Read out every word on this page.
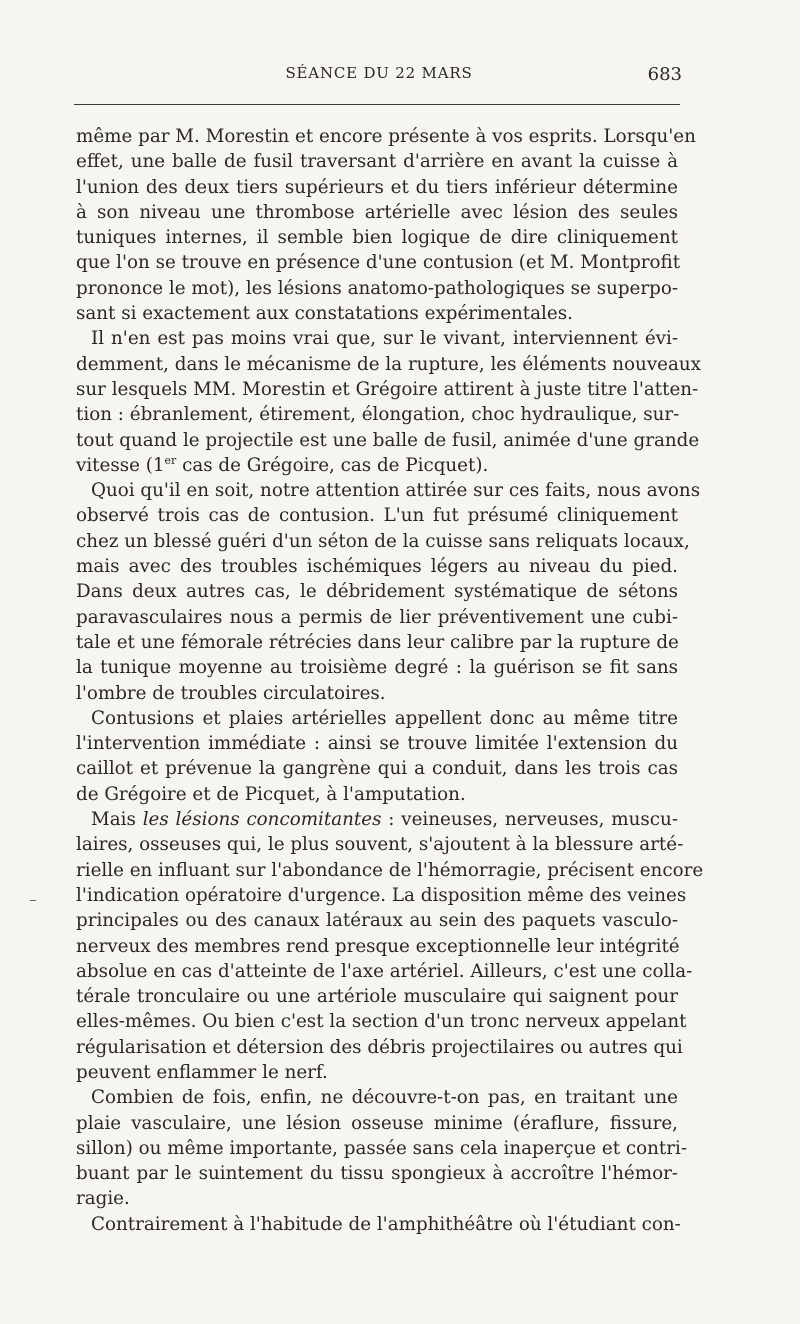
SÉANCE DU 22 MARS	683
même par M. Morestin et encore présente à vos esprits. Lorsqu'en
effet, une balle de fusil traversant d'arrière en avant la cuisse à
l'union des deux tiers supérieurs et du tiers inférieur détermine
à son niveau une thrombose artérielle avec lésion des seules
tuniques internes, il semble bien logique de dire cliniquement
que l'on se trouve en présence d'une contusion (et M. Montprofit
prononce le mot), les lésions anatomo-pathologiques se superpo-
sant si exactement aux constatations expérimentales.
Il n'en est pas moins vrai que, sur le vivant, interviennent évi-
demment, dans le mécanisme de la rupture, les éléments nouveaux
sur lesquels MM. Morestin et Grégoire attirent à juste titre l'atten-
tion : ébranlement, étirement, élongation, choc hydraulique, sur-
tout quand le projectile est une balle de fusil, animée d'une grande
vitesse (1er cas de Grégoire, cas de Picquet).
Quoi qu'il en soit, notre attention attirée sur ces faits, nous avons
observé trois cas de contusion. L'un fut présumé cliniquement
chez un blessé guéri d'un séton de la cuisse sans reliquats locaux,
mais avec des troubles ischémiques légers au niveau du pied.
Dans deux autres cas, le débridement systématique de sétons
paravasculaires nous a permis de lier préventivement une cubi-
tale et une fémorale rétrécies dans leur calibre par la rupture de
la tunique moyenne au troisième degré : la guérison se fit sans
l'ombre de troubles circulatoires.
Contusions et plaies artérielles appellent donc au même titre
l'intervention immédiate : ainsi se trouve limitée l'extension du
caillot et prévenue la gangrène qui a conduit, dans les trois cas
de Grégoire et de Picquet, à l'amputation.
Mais les lésions concomitantes : veineuses, nerveuses, muscu-
laires, osseuses qui, le plus souvent, s'ajoutent à la blessure arté-
rielle en influant sur l'abondance de l'hémorragie, précisent encore
l'indication opératoire d'urgence. La disposition même des veines
principales ou des canaux latéraux au sein des paquets vasculo-
nerveux des membres rend presque exceptionnelle leur intégrité
absolue en cas d'atteinte de l'axe artériel. Ailleurs, c'est une colla-
térale tronculaire ou une artériole musculaire qui saignent pour
elles-mêmes. Ou bien c'est la section d'un tronc nerveux appelant
régularisation et détersion des débris projectilaires ou autres qui
peuvent enflammer le nerf.
Combien de fois, enfin, ne découvre-t-on pas, en traitant une
plaie vasculaire, une lésion osseuse minime (éraflure, fissure,
sillon) ou même importante, passée sans cela inaperçue et contri-
buant par le suintement du tissu spongieux à accroître l'hémor-
ragie.
Contrairement à l'habitude de l'amphithéâtre où l'étudiant con-
